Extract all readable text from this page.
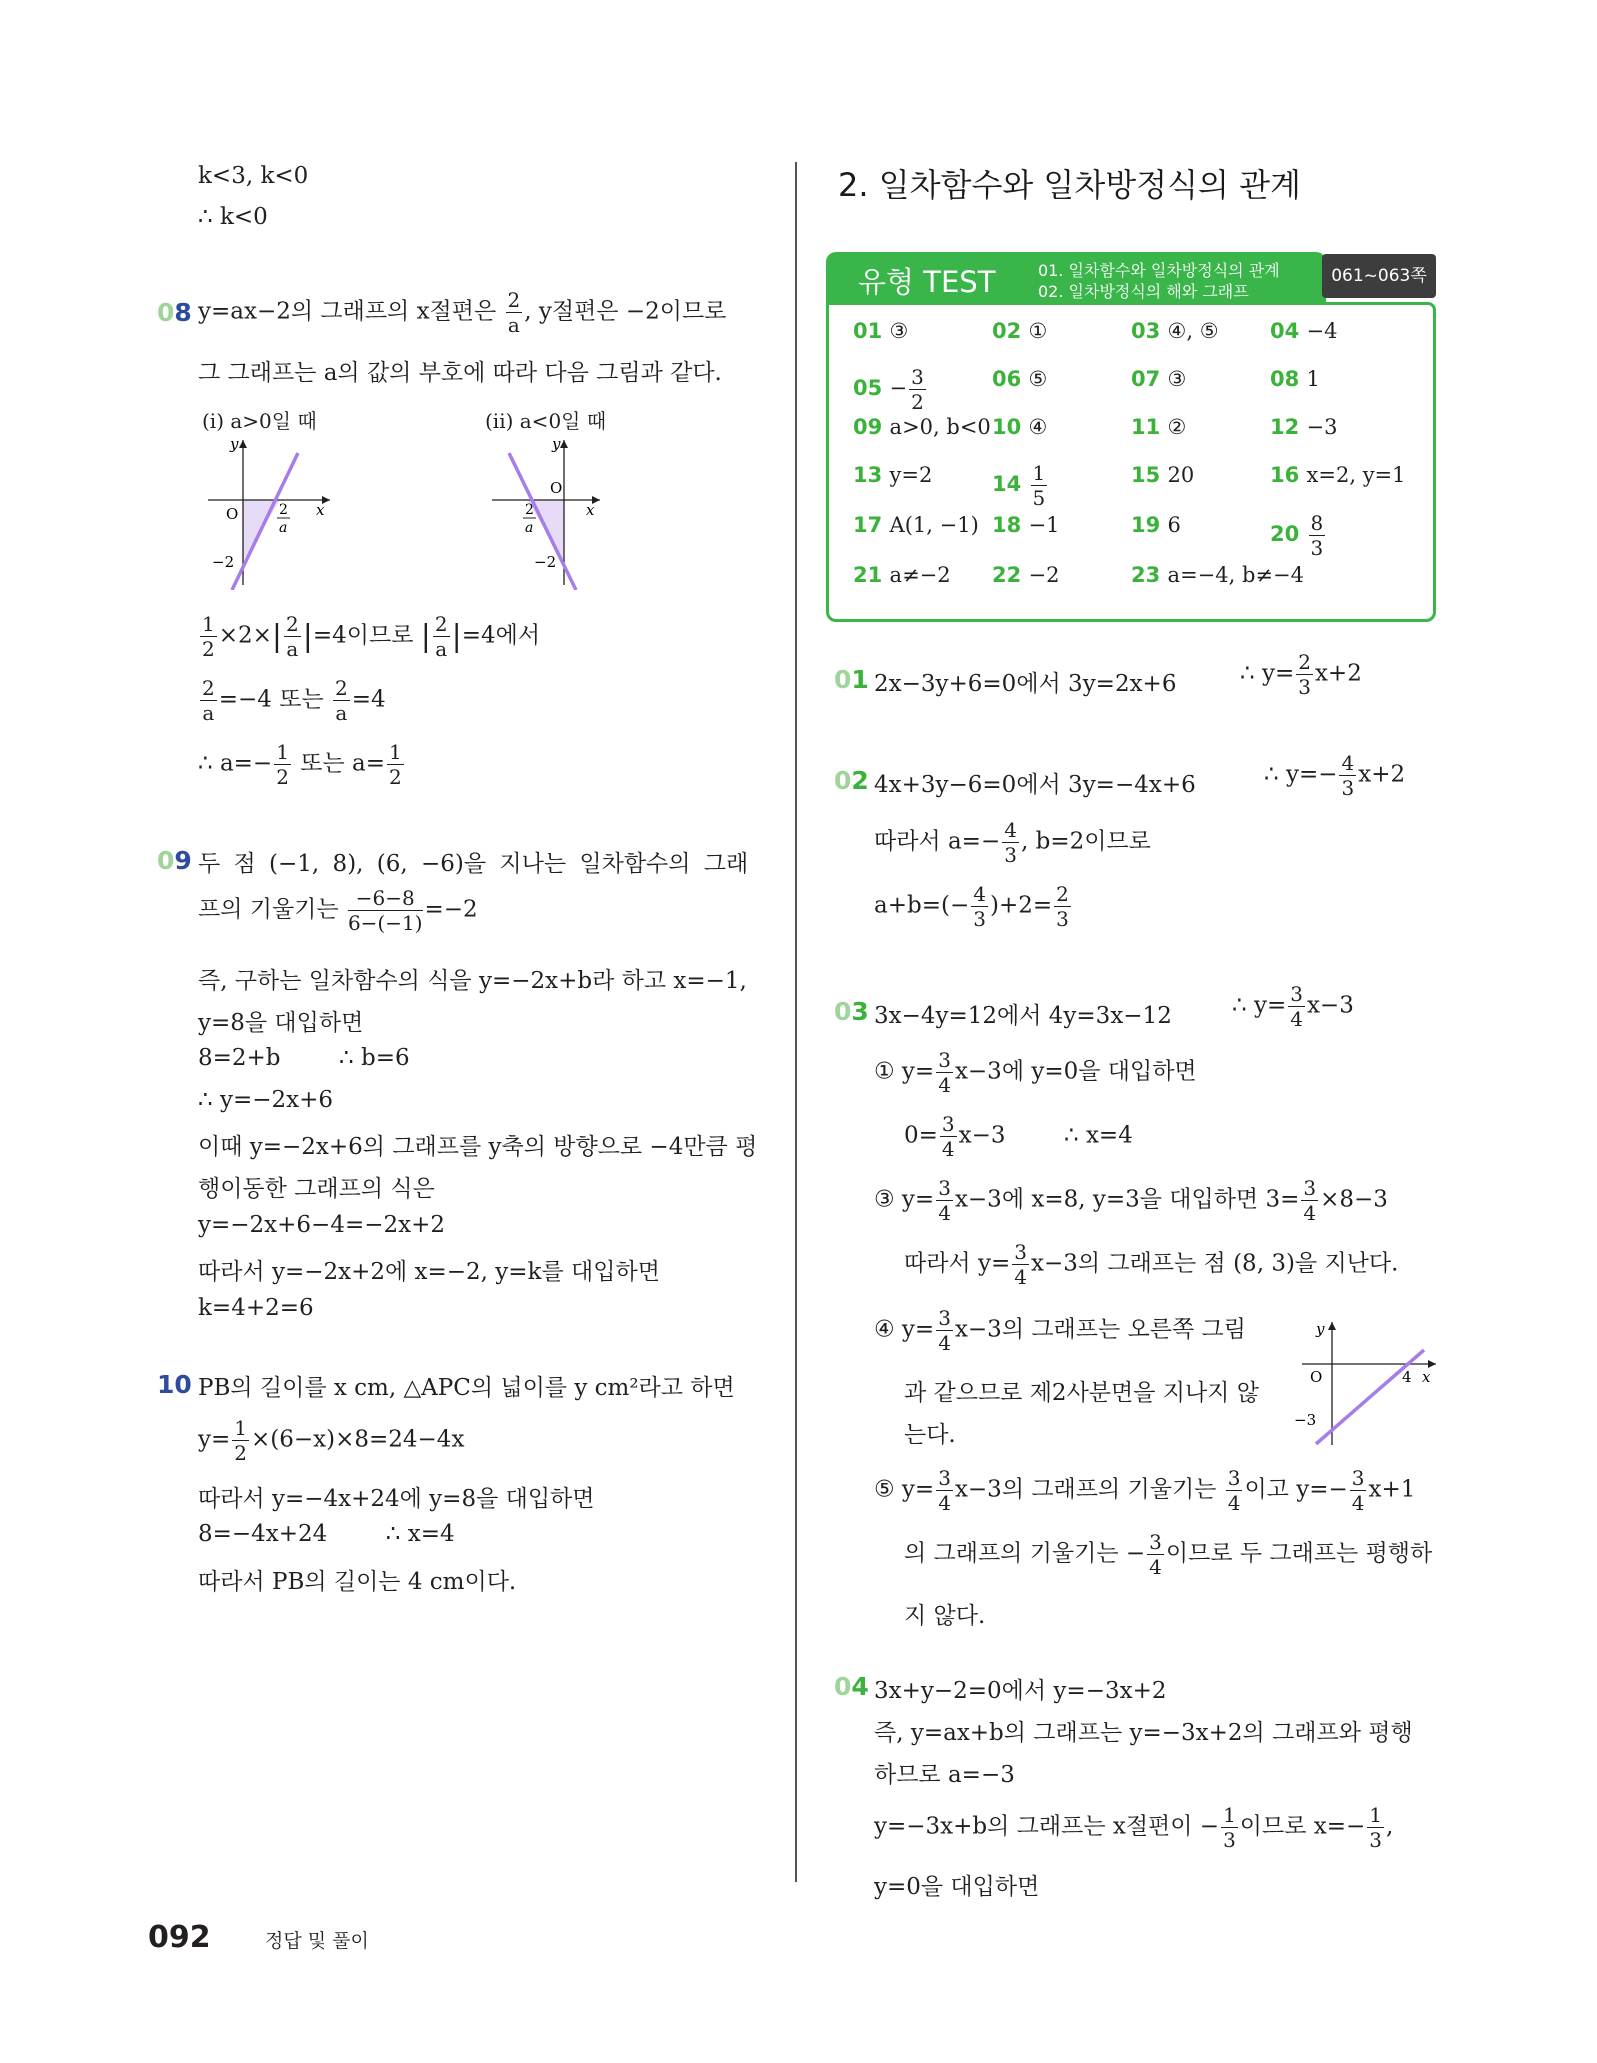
k<3, k<0
∴ k<0
08 y=ax−2의 그래프의 x절편은 $\frac{2}{a}$ , y절편은 −2이므로
그 그래프는 a의 값의 부호에 따라 다음 그림과 같다.
(i) a>0일 때	(ii) a<0일 때
y
x
O	2
a
−2
y
x
O
2
a
−2
$\frac{1}{2} \times 2\times| \frac{2}{a} |=4$이므로 | $\frac{2}{a} |=4$에서
$\frac{2}{a} =-4$ 또는 $\frac{2}{a} =4$
∴ $a=- \frac{1}{2}$ 또는 $a= \frac{1}{2}$
09 두 점 (−1, 8), (6, −6)을 지나는 일차함수의 그래
프의 기울기는 $\frac{-6-8}{6-(-1)} =-2$
즉, 구하는 일차함수의 식을 y=−2x+b라 하고 x=−1,
y=8을 대입하면
8=2+b        ∴ b=6
∴ y=−2x+6
이때 y=−2x+6의 그래프를 y축의 방향으로 −4만큼 평
행이동한 그래프의 식은
y=−2x+6−4=−2x+2
따라서 y=−2x+2에 x=−2, y=k를 대입하면
k=4+2=6
10 PB의 길이를 x cm, △APC의 넓이를 y cm²라고 하면
$y= \frac{1}{2} \times(6-x)\times 8=24-4x$
따라서 y=−4x+24에 y=8을 대입하면
8=−4x+24        ∴ x=4
따라서 PB의 길이는 4 cm이다.
2. 일차함수와 일차방정식의 관계
유형 TEST	01. 일차함수와 일차방정식의 관계
02. 일차방정식의 해와 그래프
061~063쪽
01 ③	02 ①	03 ④, ⑤ 04 −4
$05 - \frac{3}{2}$	06 ⑤	07 ③	08 1
09 a>0, b<0 10 ④	11 ②	12 −3
13 y=2	$14 \frac{1}{5}$	15 20	16 x=2, y=1
17 A(1, −1) 18 −1	19 6	$20 \frac{8}{3}$
21 a≠−2 22 −2	23 a=−4, b≠−4
01 2x−3y+6=0에서 3y=2x+6	∴ $y= \frac{2}{3} x+2$
02 4x+3y−6=0에서 3y=−4x+6	∴ $y=- \frac{4}{3} x+2$
따라서 $a=- \frac{4}{3}$ , b=2이므로
$a+b=(- \frac{4}{3} )+2= \frac{2}{3}$
03 3x−4y=12에서 4y=3x−12	∴ $y= \frac{3}{4} x-3$
① $y= \frac{3}{4} x-3$에 y=0을 대입하면
$0= \frac{3}{4} x-3$        ∴ x=4
③ $y= \frac{3}{4} x-3$에 x=8, y=3을 대입하면 $3= \frac{3}{4} \times 8-3$
따라서 $y= \frac{3}{4} x-3$의 그래프는 점 (8, 3)을 지난다.
④ $y= \frac{3}{4} x-3$의 그래프는 오른쪽 그림
과 같으므로 제2사분면을 지나지 않
는다.
y
x
O	4
−3
⑤ $y= \frac{3}{4} x-3$의 그래프의 기울기는 $\frac{3}{4}$ 이고 $y=- \frac{3}{4} x+1$
의 그래프의 기울기는 − $\frac{3}{4}$ 이므로 두 그래프는 평행하
지 않다.
04 3x+y−2=0에서 y=−3x+2
즉, y=ax+b의 그래프는 y=−3x+2의 그래프와 평행
하므로 a=−3
y=−3x+b의 그래프는 x절편이 − $\frac{1}{3}$ 이므로 $x=- \frac{1}{3}$ ,
y=0을 대입하면
092	정답 및 풀이
